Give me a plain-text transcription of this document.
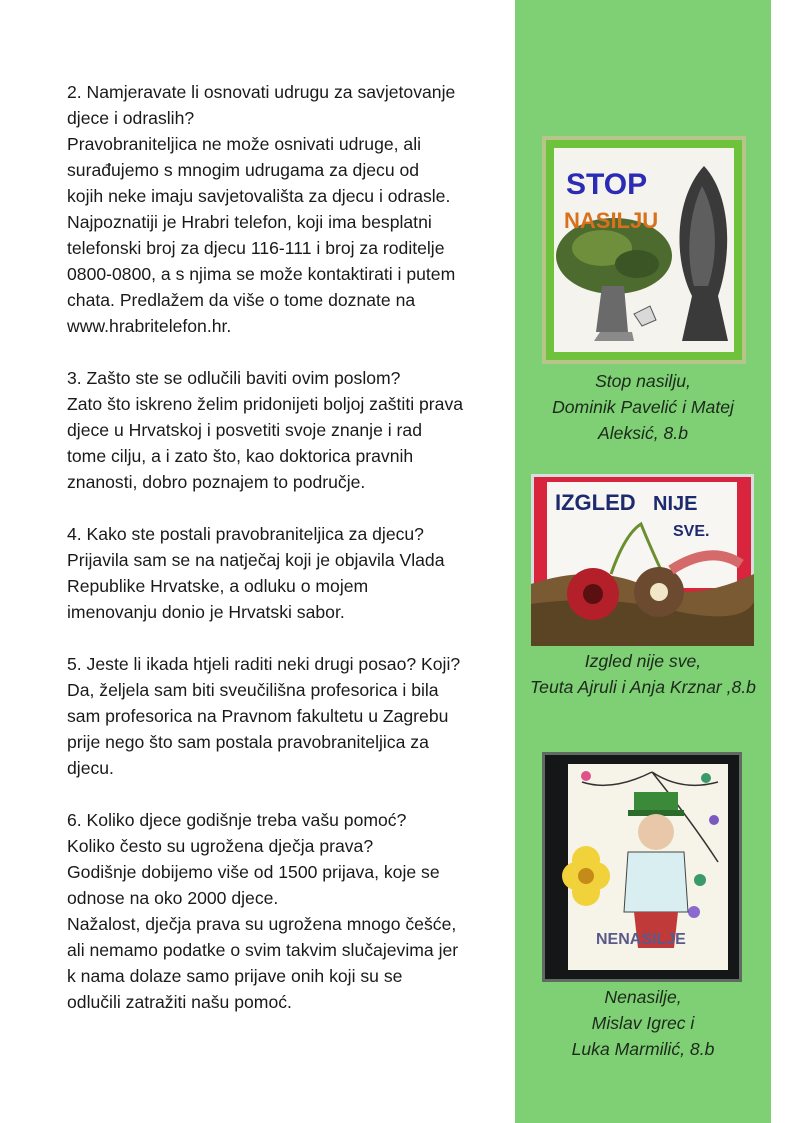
2. Namjeravate li osnovati udrugu za savjetovanje

djece i odraslih?

Pravobraniteljica ne može osnivati udruge, ali

surađujemo s mnogim udrugama za djecu od

kojih neke imaju savjetovališta za djecu i odrasle.

Najpoznatiji je Hrabri telefon, koji ima besplatni

telefonski broj za djecu 116-111 i broj za roditelje

0800-0800, a s njima se može kontaktirati i putem

chata. Predlažem da više o tome doznate na

www.hrabritelefon.hr.

3. Zašto ste se odlučili baviti ovim poslom?

Zato što iskreno želim pridonijeti boljoj zaštiti prava

djece u Hrvatskoj i posvetiti svoje znanje i rad

tome cilju, a i zato što, kao doktorica pravnih

znanosti, dobro poznajem to područje.

4. Kako ste postali pravobraniteljica za djecu?

Prijavila sam se na natječaj koji je objavila Vlada

Republike Hrvatske, a odluku o mojem

imenovanju donio je Hrvatski sabor.

5. Jeste li ikada htjeli raditi neki drugi posao? Koji?

Da, željela sam biti sveučilišna profesorica i bila

sam profesorica na Pravnom fakultetu u Zagrebu

prije nego što sam postala pravobraniteljica za

djecu.

6. Koliko djece godišnje treba vašu pomoć?

Koliko često su ugrožena dječja prava?

Godišnje dobijemo više od 1500 prijava, koje se

odnose na oko 2000 djece.

Nažalost, dječja prava su ugrožena mnogo češće,

ali nemamo podatke o svim takvim slučajevima jer

k nama dolaze samo prijave onih koji su se

odlučili zatražiti našu pomoć.

STOP
NASILJU
Stop nasilju,
Dominik Pavelić i Matej
Aleksić, 8.b
IZGLED NIJE
SVE.
Izgled nije sve,
Teuta Ajruli i Anja Krznar ,8.b
NENASILJE
Nenasilje,
Mislav Igrec i
Luka Marmilić, 8.b
